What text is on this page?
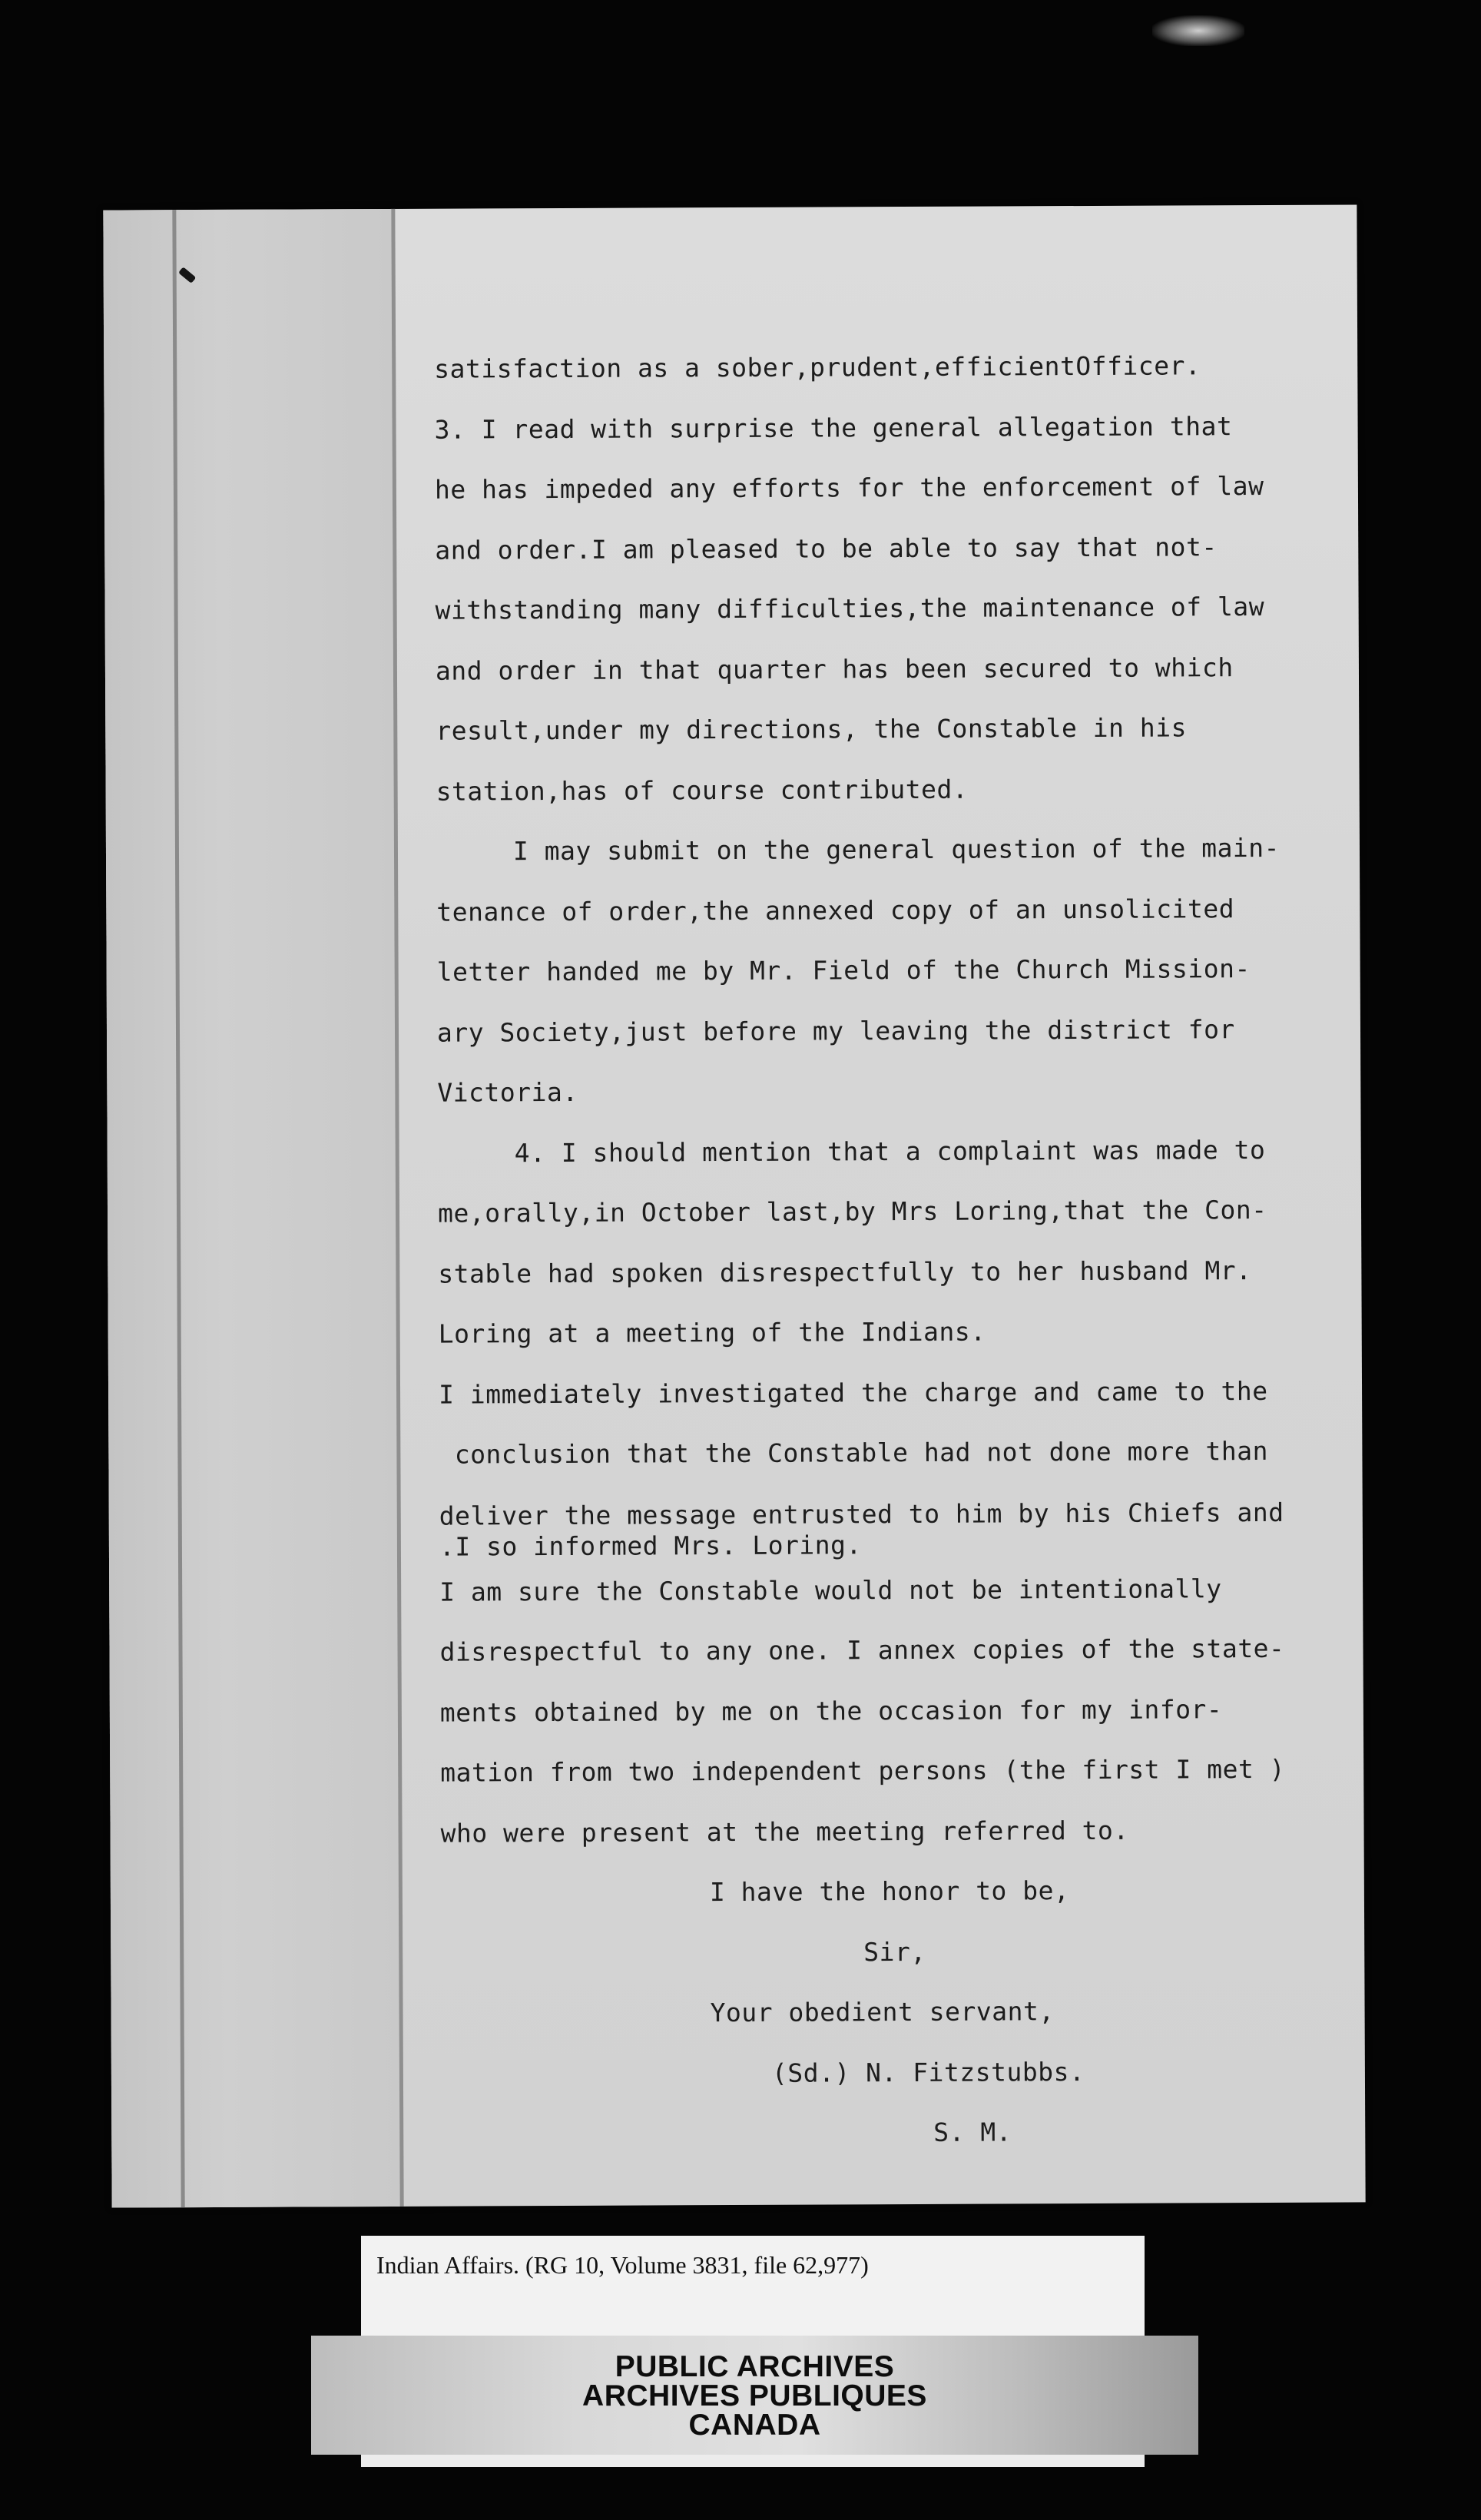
satisfaction as a sober,prudent,efficientOfficer.
3. I read with surprise the general allegation that
he has impeded any efforts for the enforcement of law
and order.I am pleased to be able to say that not-
withstanding many difficulties,the maintenance of law
and order in that quarter has been secured to which
result,under my directions, the Constable in his
station,has of course contributed.
I may submit on the general question of the main-
tenance of order,the annexed copy of an unsolicited
letter handed me by Mr. Field of the Church Mission-
ary Society,just before my leaving the district for
Victoria.
4. I should mention that a complaint was made to
me,orally,in October last,by Mrs Loring,that the Con-
stable had spoken disrespectfully to her husband Mr.
Loring at a meeting of the Indians.
I immediately investigated the charge and came to the
conclusion that the Constable had not done more than
deliver the message entrusted to him by his Chiefs and
.I so informed Mrs. Loring.
I am sure the Constable would not be intentionally
disrespectful to any one. I annex copies of the state-
ments obtained by me on the occasion for my infor-
mation from two independent persons (the first I met )
who were present at the meeting referred to.
I have the honor to be,
Sir,
Your obedient servant,
(Sd.) N. Fitzstubbs.
S. M.
Indian Affairs. (RG 10, Volume 3831, file 62,977)
PUBLIC ARCHIVES
ARCHIVES PUBLIQUES
CANADA
